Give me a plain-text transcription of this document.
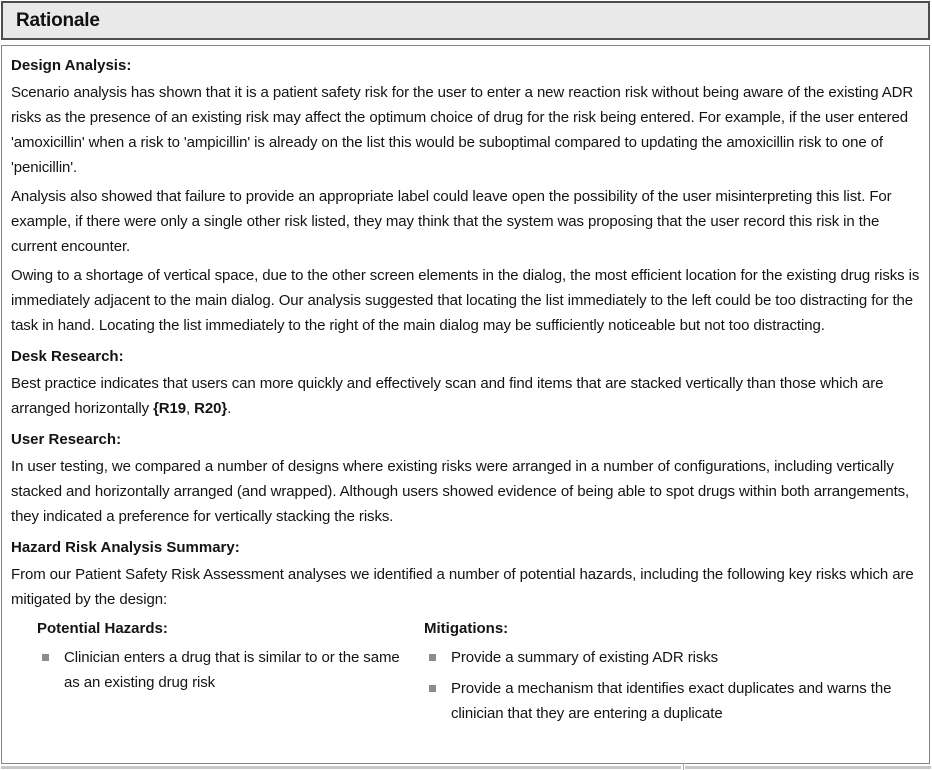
Rationale
Design Analysis:

Scenario analysis has shown that it is a patient safety risk for the user to enter a new reaction risk without being aware of the existing ADR risks as the presence of an existing risk may affect the optimum choice of drug for the risk being entered. For example, if the user entered 'amoxicillin' when a risk to 'ampicillin' is already on the list this would be suboptimal compared to updating the amoxicillin risk to one of 'penicillin'.

Analysis also showed that failure to provide an appropriate label could leave open the possibility of the user misinterpreting this list. For example, if there were only a single other risk listed, they may think that the system was proposing that the user record this risk in the current encounter.

Owing to a shortage of vertical space, due to the other screen elements in the dialog, the most efficient location for the existing drug risks is immediately adjacent to the main dialog. Our analysis suggested that locating the list immediately to the left could be too distracting for the task in hand. Locating the list immediately to the right of the main dialog may be sufficiently noticeable but not too distracting.

Desk Research:

Best practice indicates that users can more quickly and effectively scan and find items that are stacked vertically than those which are arranged horizontally {R19, R20}.

User Research:

In user testing, we compared a number of designs where existing risks were arranged in a number of configurations, including vertically stacked and horizontally arranged (and wrapped). Although users showed evidence of being able to spot drugs within both arrangements, they indicated a preference for vertically stacking the risks.

Hazard Risk Analysis Summary:

From our Patient Safety Risk Assessment analyses we identified a number of potential hazards, including the following key risks which are mitigated by the design:

Potential Hazards:
Clinician enters a drug that is similar to or the same as an existing drug risk
Mitigations:
Provide a summary of existing ADR risks
Provide a mechanism that identifies exact duplicates and warns the clinician that they are entering a duplicate
